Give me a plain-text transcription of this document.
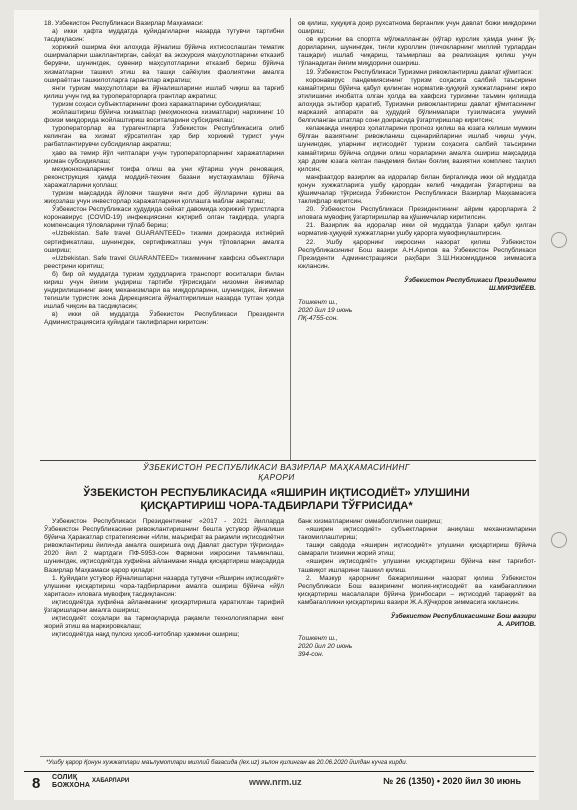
18. Ўзбекистон Республикаси Вазирлар Маҳкамаси:

а) икки ҳафта муддатда қуйидагиларни назарда тутувчи тартибни тасдиқласин:

хорижий оширма ёки алоҳида йўналиш бўйича ихтисослашган тематик оширмаларни шакллантирган, саёҳат ва экскурсия маҳсулотларини етказиб берувчи, шунингдек, сувенир маҳсулотларини етказиб бериш бўйича хизматларни ташкил этиш ва ташқи сайёҳлик фаолиятини амалга ошираётган ташкилотларга гарантлар ажратиш;

янги туризм маҳсулотлари ва йўналишларини ишлаб чиқиш ва тарғиб қилиш учун гид ва туроператорларга грантлар ажратиш;

туризм соҳаси субъектларининг фоиз харажатларини субсидиялаш;

жойлаштириш бўйича хизматлар (меҳмонхона хизматлари) нархининг 10 фоизи миқдорида жойлаштириш воситаларини субсидиялаш;

туроператорлар ва турагентларга Ўзбекистон Республикасига олиб келинган ва хизмат кўрсатилган ҳар бир хорижий турист учун рағбатлантирувчи субсидиялар ажратиш;

ҳаво ва темир йўл чипталари учун туроператорларнинг харажатларини қисман субсидиялаш;

меҳмонхоналарнинг тоифа олиш ва уни кўтариш учун реновация, реконструкция ҳамда моддий-техник базани мустаҳкамлаш бўйича харажатларини қоплаш;

туризм мақсадида йўловчи ташувчи янги доб йўлларини куриш ва жиҳозлаш учун инвесторлар харажатларини қоплашга маблағ ажратиш;

Ўзбекистон Республикаси ҳудудида сейхат давомида хорижий туристларга коронавирус (COVID-19) инфекциясини юқтириб олган тақдирда, уларга компенсация тўловларини тўлаб бериш;

«Uzbekistan. Safe travel GUARANTEED» тизими доирасида ихтиёрий сертификатлаш, шунингдек, сертификатлаш учун тўловларни амалга ошириш;

«Uzbekistan. Safe travel GUARANTEED» тизимининг хавфсиз объектлари реестрини юритиш;

б) бир ой муддатда туризм ҳудудларига транспорт воситалари билан кириш учун йиғим ундириш тартиби тўғрисидаги низомни йиғимлар ундирилишининг аниқ механизмлари ва миқдорларини, шунингдек, йиғимни тегишли туристик зона Дирекциясига йўналтирилиши назарда тутган ҳолда ишлаб чиқсин ва тасдиқласин;

в) икки ой муддатда Ўзбекистон Республикаси Президенти Администрациясига қуйидаги таклифларни киритсин:

ов қилиш, хуқуқига доир рухсатнома берганлик учун давлат божи миқдорини ошириш;

ов курсини ва спортга мўлжалланган (кўтар курслик ҳамда унинг ўқ-дориларини, шунингдек, тиғли куроллин (пичокларнинг миллий турлардан ташқари) ишлаб чиқариш, таъмирлаш ва реализация қилиш учун тўланадиган йиғим миқдорини ошириш.

19. Ўзбекистон Республикаси Туризмни ривожлантириш давлат қўмитаси:

коронавирус пандемиясининг туризм соҳасига салбий таъсирини камайтириш бўйича қабул қилинган норматив-ҳуқуқий хужжатларнинг ижро этилишини инобатга олган ҳолда ва хавфсиз туризмни таъмин қилишда алоҳида эътибор қаратиб, Туризмни ривожлантириш давлат қўмитасининг марказий аппарати ва ҳудудий бўлинмалари тузилмасига умумий белгиланган штатлар сони доирасида ўзгартиришлар киритсин;

келажакда инқироз ҳолатларини прогноз қилиш ва юзага келиши мумкин бўлган вазиятнинг ривожланиш сценарийларини ишлаб чиқиш учун, шунингдек, уларнинг иқтисодиёт туризм соҳасига салбий таъсирини камайтириш бўйича олдини олиш чораларини амалга ошириш мақсадида ҳар доим юзага келган пандемия билан боғлиқ вазиятни комплекс таҳлил қилсин;

манфаатдор вазирлик ва идоралар билан биргаликда икки ой муддатда қонун хужжатларига ушбу қарордан келиб чиқадиган ўзгартириш ва қўшимчалар тўғрисида Ўзбекистон Республикаси Вазирлар Маҳкамасига таклифлар киритсин.

20. Ўзбекистон Республикаси Президентининг айрим қарорларига 2 иловага мувофиқ ўзгартиришлар ва қўшимчалар киритилсин.

21. Вазирлик ва идоралар икки ой муддатда ўзлари қабул қилган норматив-ҳуқуқий хужжатларни ушбу қарорга мувофиқлаштирсин.

22. Ушбу қарорнинг ижросини назорат қилиш Ўзбекистон Республикасининг Бош вазири А.Н.Арипов ва Ўзбекистон Республикаси Президенти Администрацияси раҳбари З.Ш.Низомиддинов зиммасига юклансин.

Ўзбекистон Республикаси Президенти

Ш.МИРЗИЁЕВ.

Тошкент ш.,

2020 йил 19 июнь

ПҚ-4755-сон.

ЎЗБЕКИСТОН РЕСПУБЛИКАСИ ВАЗИРЛАР МАҲКАМАСИНИНГ
ҚАРОРИ
ЎЗБЕКИСТОН РЕСПУБЛИКАСИДА «ЯШИРИН ИҚТИСОДИЁТ» УЛУШИНИ
ҚИСҚАРТИРИШ ЧОРА-ТАДБИРЛАРИ ТЎҒРИСИДА*

Ўзбекистон Республикаси Президентининг «2017 - 2021 йилларда Ўзбекистон Республикасини ривожлантиришнинг бешта устувор йўналиши бўйича Ҳаракатлар стратегиясини «Илм, маърифат ва рақамли иқтисодиётни ривожлантириш йили»да амалга оширишга оид Давлат дастури тўғрисида» 2020 йил 2 мартдаги ПФ-5953-сон Фармони ижросини таъминлаш, шунингдек, иқтисодиётда хуфиёна айланмани янада қисқартириш мақсадида Вазирлар Маҳкамаси қарор қилади:

1. Қуйидаги устувор йўналишларни назарда тутувчи «Яширин иқтисодиёт» улушини қисқартириш чора-тадбирларини амалга ошириш бўйича «йўл харитаси» иловага мувофиқ тасдиқлансин:

иқтисодиётда хуфиёна айланманинг қисқартиришга қаратилган тарифий ўзгаришларни амалга ошириш;

иқтисодиёт соҳалари ва тармоқларида рақамли технологияларни кенг жорий этиш ва маркировкалаш;

иқтисодиётда нақд пулсиз ҳисоб-китоблар ҳажмини ошириш;

банк хизматларининг оммабоплигини ошириш;

«яширин иқтисодиёт» субъектларини аниқлаш механизмларини такомиллаштириш;

ташқи савдода «яширин иқтисодиёт» улушини қисқартириш бўйича самарали тизимни жорий этиш;

«яширин иқтисодиёт» улушини қисқартириш бўйича кенг тарғибот-ташвиқот ишларини ташкил қилиш.

2. Мазкур қарорнинг бажарилишини назорат қилиш Ўзбекистон Республикаси Бош вазирининг молия-иқтисодиёт ва камбағалликни қисқартириш масалалари бўйича ўринбосари – иқтисодий тараққиёт ва камбағалликни қисқартириш вазири Ж.А.Қўчқоров зиммасига юклансин.

Ўзбекистон Республикасининг Бош вазири

А. АРИПОВ.

Тошкент ш.,

2020 йил 20 июнь

394-сон.

*Ушбу қарор Қонун хужжатлари маълумотлари миллий базасида (lex.uz) эълон қилинган ва 20.06.2020 йилдан кучга кирди.
8 СОЛИҚ
БОЖХОНА
ХАБАРЛАРИ	www.nrm.uz	№ 26 (1350) • 2020 йил 30 июнь
